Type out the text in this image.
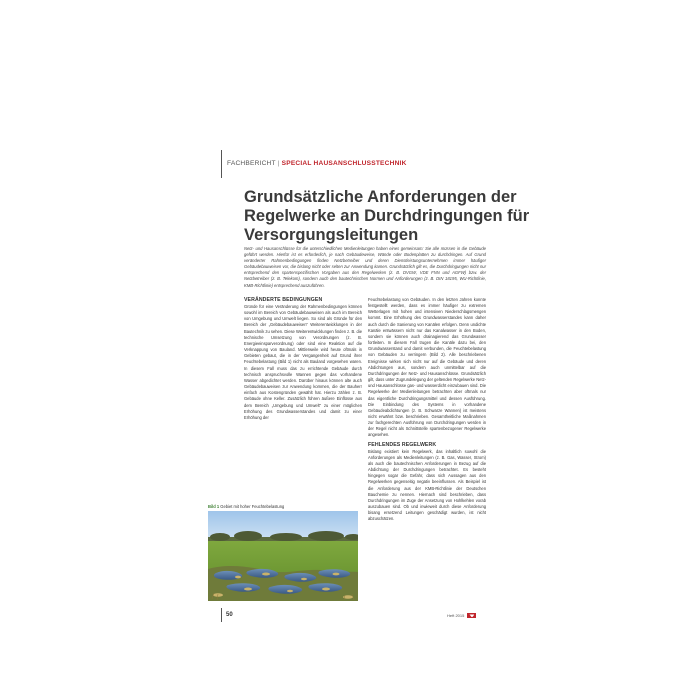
FACHBERICHT | SPECIAL HAUSANSCHLUSSTECHNIK
Grundsätzliche Anforderungen der Regelwerke an Durchdringungen für Versorgungsleitungen

Netz- und Hausanschlüsse für die unterschiedlichen Medienleitungen haben eines gemeinsam: Sie alle müssen in die Gebäude geführt werden. Hierfür ist es erforderlich, je nach Gebäudeweise, Wände oder Bodenplatten zu durchdringen. Auf Grund veränderter Rahmenbedingungen finden Netzbetreiber und deren Dienstleistungsunternehmen immer häufiger Gebäudebauweisen vor, die bislang nicht oder selten zur Anwendung kamen. Grundsätzlich gilt es, die Durchdringungen nicht nur entsprechend den spartenspezifischen Vorgaben aus den Regelwerken (z. B. DVGW, VDE FNN und AGFW) bzw. der Netzbetreiber (z. B. Telekom), sondern auch den bautechnischen Normen und Anforderungen (z. B. DIN 18195, WU-Richtlinie, KMB-Richtlinie) entsprechend auszuführen.

VERÄNDERTE BEDINGUNGEN

Gründe für eine Veränderung der Rahmenbedingungen können sowohl im Bereich von Gebäudebauweisen als auch im Bereich von Umgebung und Umwelt liegen. So sind als Gründe für den Bereich der „Gebäudebauweisen“ Weiterentwicklungen in der Bautechnik zu sehen. Diese Weiterentwicklungen finden z. B. die technische Umsetzung von Verordnungen (z. B. Energieeinsparverordnung) oder sind eine Reaktion auf die Verknappung von Bauland. Mittlerweile wird heute oftmals in Gebieten gebaut, die in der Vergangenheit auf Grund ihrer Feuchtebelastung (Bild 1) nicht als Bauland vorgesehen waren. In diesem Fall muss das zu errichtende Gebäude durch technisch anspruchsvolle Wannen gegen das vorhandene Wasser abgedichtet werden. Darüber hinaus können alte auch Gebäudebauweisen zur Anwendung kommen, die der Bauherr einfach aus Kostengründen gewählt hat. Hierzu zählen z. B. Gebäude ohne Keller. Zusätzlich führen äußere Einflüsse aus dem Bereich „Umgebung und Umwelt“ zu einer möglichen Erhöhung des Grundwasserstandes und damit zu einer Erhöhung der

Feuchtebelastung von Gebäuden. In den letzten Jahren konnte festgestellt werden, dass es immer häufiger zu extremen Wetterlagen mit hohen und intensiven Niederschlagsmengen kommt. Eine Erhöhung des Grundwasserstandes kann daher auch durch die Sanierung von Kanälen erfolgen. Denn undichte Kanäle entwässern nicht nur das Kanalwasser in den Boden, sondern sie können auch drainagierend das Grundwasser fortleiten. In diesem Fall trugen die Kanäle dazu bei, den Grundwasserstand und damit verbunden, die Feuchtebelastung von Gebäuden zu verringern (Bild 2). Alle beschriebenen Ereignisse wirken sich nicht nur auf die Gebäude und deren Abdichtungen aus, sondern auch unmittelbar auf die Durchdringungen der Netz- und Hausanschlüsse. Grundsätzlich gilt, dass unter Zugrundelegung der geltenden Regelwerke Netz- und Hausanschlüsse gas- und wasserdicht einzubauen sind. Die Regelwerke der Medienleitungen betrachten aber oftmals nur das eigentliche Durchdringungsmittel und dessen Ausführung. Die Einbindung des Systems in vorhandene Gebäudeabdichtungen (z. B. Schwarze Wannen) ist meistens nicht erwähnt bzw. beschrieben. Gesamtheitliche Maßnahmen zur fachgerechten Ausführung von Durchdringungen werden in der Regel nicht als Schnittstelle spartenbezogener Regelwerke angesehen.

FEHLENDES REGELWERK

Bislang existiert kein Regelwerk, das inhaltlich sowohl die Anforderungen als Medienleitungen (z. B. Gas, Wasser, Strom) als auch die bautechnischen Anforderungen in Bezug auf die Abdichtung der Durchdringungen betrachtet. Es besteht hingegen sogar die Gefahr, dass sich Aussagen aus den Regelwerken gegenseitig negativ beeinflussen. Als Beispiel ist die Anforderung aus der KMB-Richtlinie der Deutschen Bauchemie zu nennen. Hiernach sind beschrieben, dass Durchdringungen im Zuge der Ansetzung von Hohlkehlen vorab auszubauen sind. Ob und inwieweit durch diese Anforderung bisang ersetzend Leitungen geschädigt wurden, ist nicht abzuschätzen.

Bild 1 Gebiet mit hoher Feuchtebelastung
50	Heft 2015
